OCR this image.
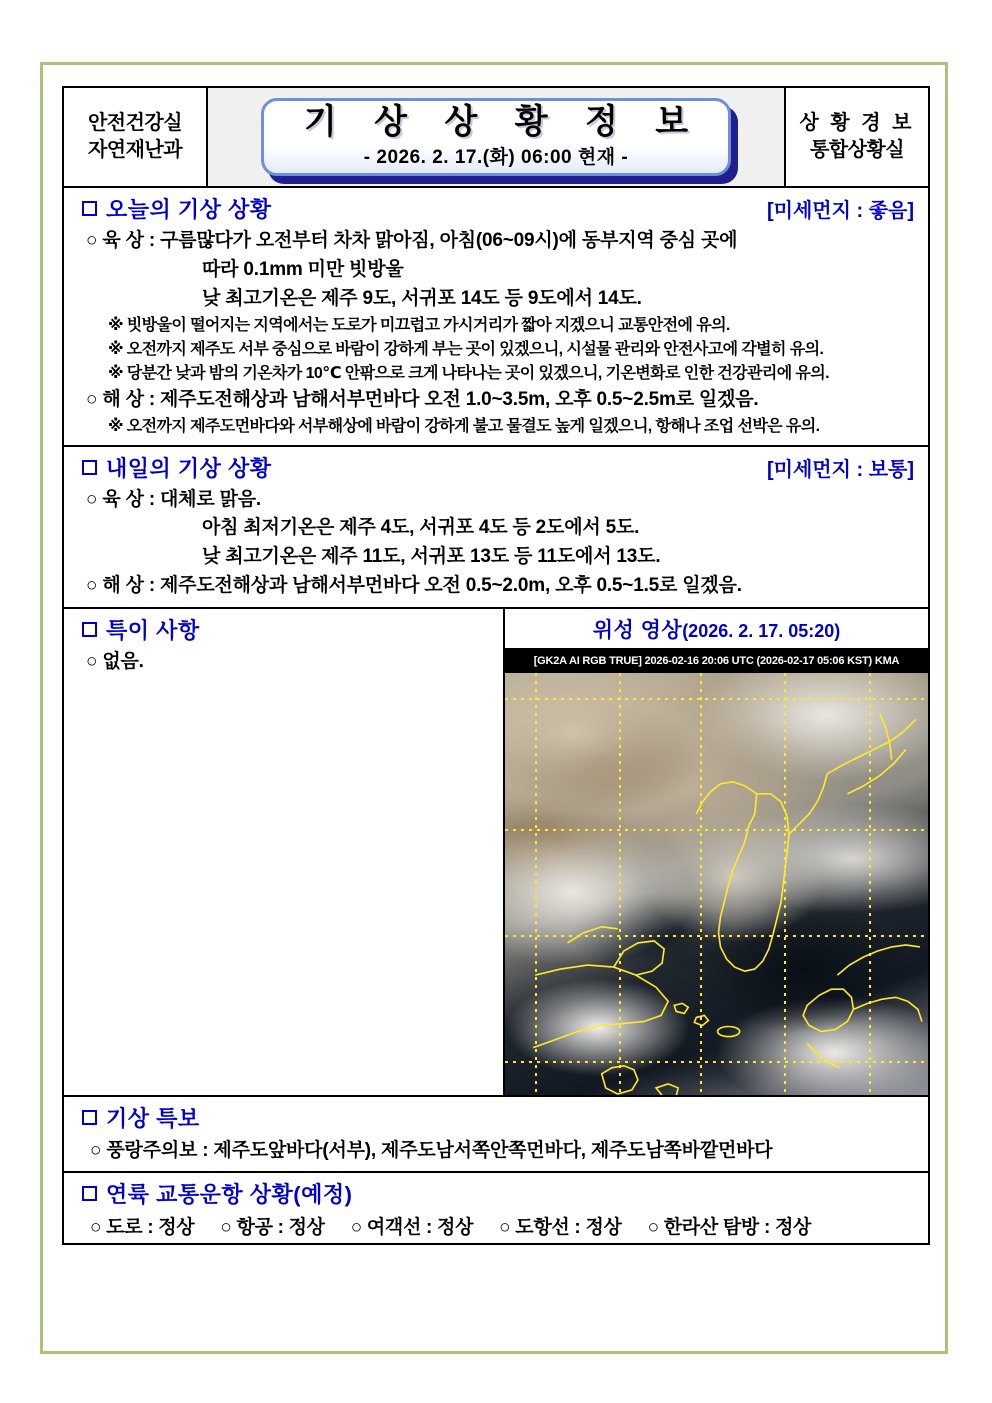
안전건강실
자연재난과
기 상 상 황 정 보
- 2026. 2. 17.(화) 06:00 현재 -
상 황 경 보
통합상황실
오늘의 기상 상황	[미세먼지 : 좋음]
○ 육 상 : 구름많다가 오전부터 차차 맑아짐, 아침(06~09시)에 동부지역 중심 곳에
따라 0.1mm 미만 빗방울
낮 최고기온은 제주 9도, 서귀포 14도 등 9도에서 14도.
※ 빗방울이 떨어지는 지역에서는 도로가 미끄럽고 가시거리가 짧아 지겠으니 교통안전에 유의.
※ 오전까지 제주도 서부 중심으로 바람이 강하게 부는 곳이 있겠으니, 시설물 관리와 안전사고에 각별히 유의.
※ 당분간 낮과 밤의 기온차가 10℃ 안팎으로 크게 나타나는 곳이 있겠으니, 기온변화로 인한 건강관리에 유의.
○ 해 상 : 제주도전해상과 남해서부먼바다 오전 1.0~3.5m, 오후 0.5~2.5m로 일겠음.
※ 오전까지 제주도먼바다와 서부해상에 바람이 강하게 불고 물결도 높게 일겠으니, 항해나 조업 선박은 유의.
내일의 기상 상황	[미세먼지 : 보통]
○ 육 상 : 대체로 맑음.
아침 최저기온은 제주 4도, 서귀포 4도 등 2도에서 5도.
낮 최고기온은 제주 11도, 서귀포 13도 등 11도에서 13도.
○ 해 상 : 제주도전해상과 남해서부먼바다 오전 0.5~2.0m, 오후 0.5~1.5로 일겠음.
특이 사항
○ 없음.
위성 영상(2026. 2. 17. 05:20)
[GK2A AI RGB TRUE] 2026-02-16 20:06 UTC (2026-02-17 05:06 KST) KMA
기상 특보
○ 풍랑주의보 : 제주도앞바다(서부), 제주도남서쪽안쪽먼바다, 제주도남쪽바깥먼바다
연륙 교통운항 상황(예정)
○ 도로 : 정상 ○ 항공 : 정상 ○ 여객선 : 정상 ○ 도항선 : 정상 ○ 한라산 탐방 : 정상
